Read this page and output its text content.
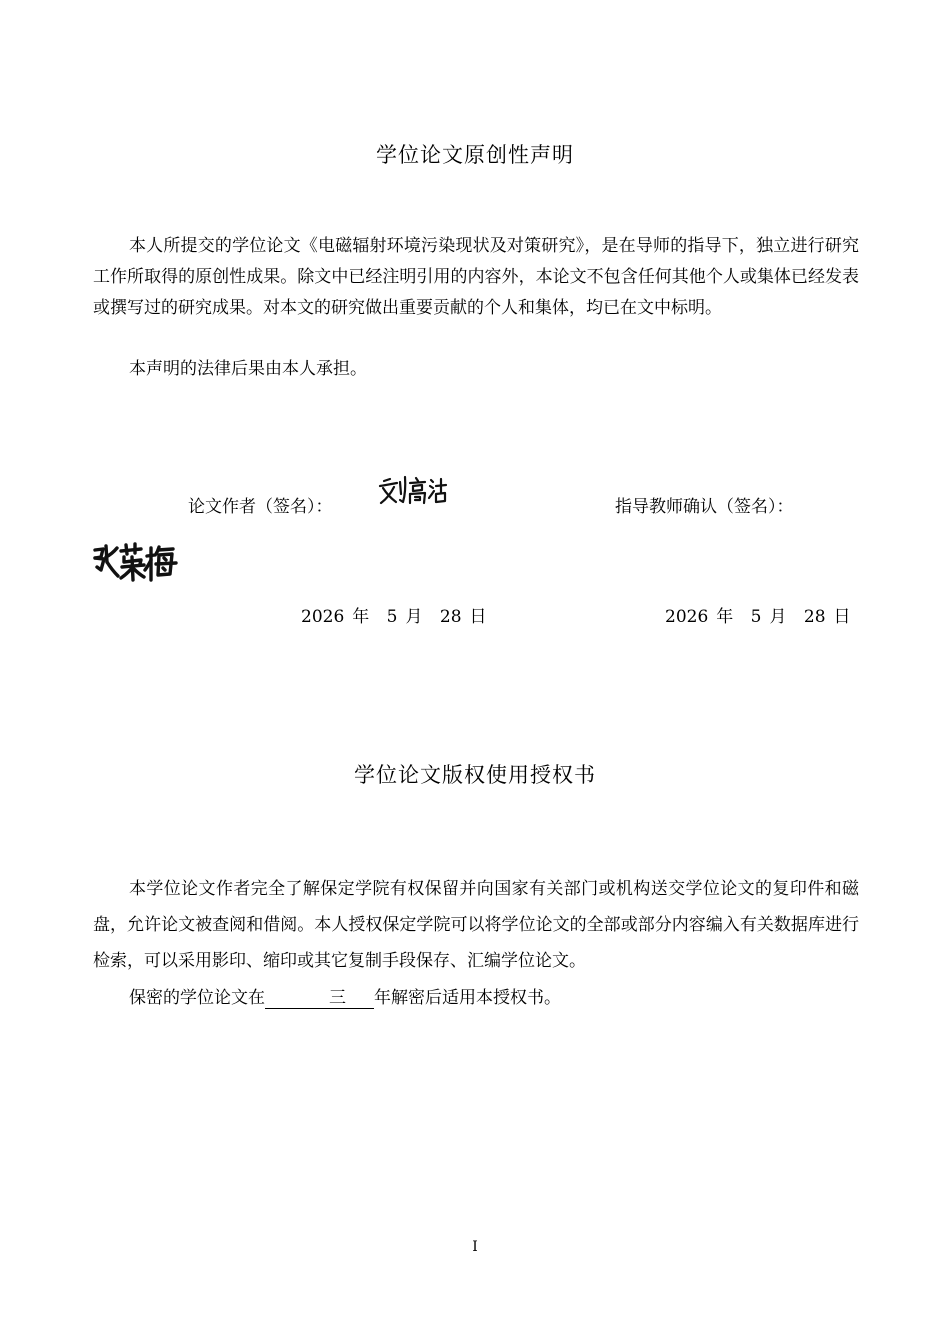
学位论文原创性声明

本人所提交的学位论文《电磁辐射环境污染现状及对策研究》，是在导师的指导下，独立进行研究工作所取得的原创性成果。除文中已经注明引用的内容外，本论文不包含任何其他个人或集体已经发表或撰写过的研究成果。对本文的研究做出重要贡献的个人和集体，均已在文中标明。

本声明的法律后果由本人承担。

论文作者（签名）：	指导教师确认（签名）：
2026 年 5 月 28 日	2026 年 5 月 28 日
学位论文版权使用授权书

本学位论文作者完全了解保定学院有权保留并向国家有关部门或机构送交学位论文的复印件和磁盘，允许论文被查阅和借阅。本人授权保定学院可以将学位论文的全部或部分内容编入有关数据库进行检索，可以采用影印、缩印或其它复制手段保存、汇编学位论文。

保密的学位论文在	三 年解密后适用本授权书。

I
